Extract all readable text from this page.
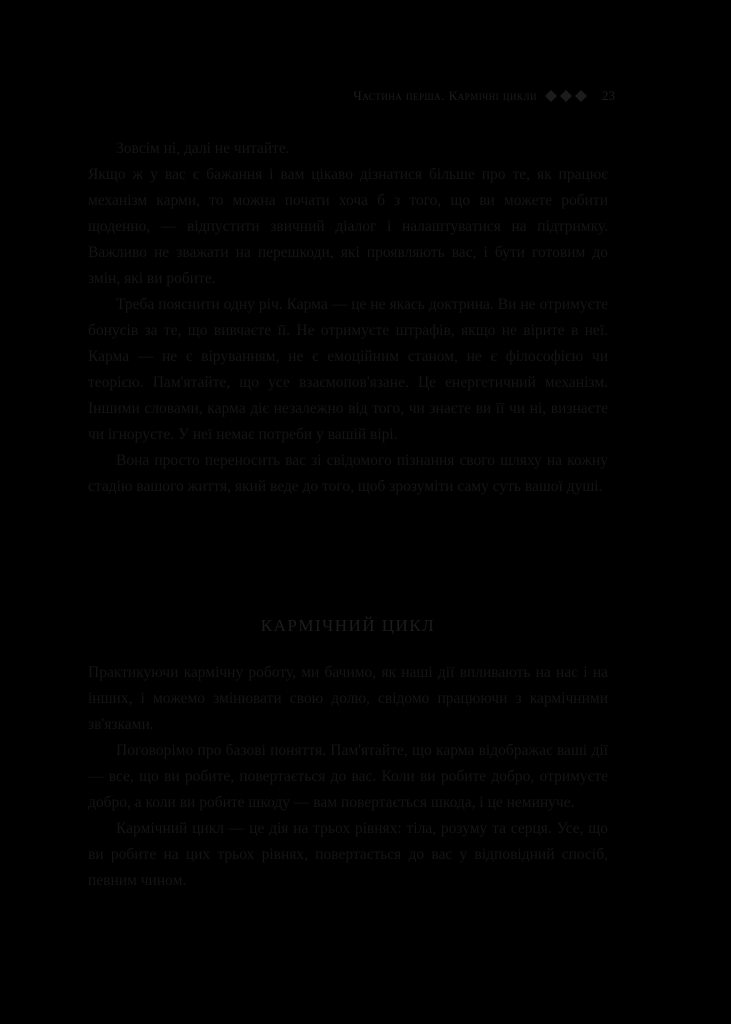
Частина перша. Кармічні цикли	23

Зовсім ні, далі не читайте.

Якщо ж у вас є бажання і вам цікаво дізнатися більше про те, як працює механізм карми, то можна почати хоча б з того, що ви можете робити щоденно, — відпустити звичний діалог і налаштуватися на підтримку. Важливо не зважати на перешкоди, які проявляють вас, і бути готовим до змін, які ви робите.

Треба пояснити одну річ. Карма — це не якась доктрина. Ви не отримуєте бонусів за те, що вивчаєте її. Не отримуєте штрафів, якщо не вірите в неї. Карма — не є віруванням, не є емоційним станом, не є філософією чи теорією. Пам'ятайте, що усе взаємопов'язане. Це енергетичний механізм. Іншими словами, карма діє незалежно від того, чи знаєте ви її чи ні, визнаєте чи ігноруєте. У неї немає потреби у вашій вірі.

Вона просто переносить вас зі свідомого пізнання свого шляху на кожну стадію вашого життя, який веде до того, щоб зрозуміти саму суть вашої душі.

КАРМІЧНИЙ ЦИКЛ

Практикуючи кармічну роботу, ми бачимо, як наші дії впливають на нас і на інших, і можемо змінювати свою долю, свідомо працюючи з кармічними зв'язками.

Поговорімо про базові поняття. Пам'ятайте, що карма відображає ваші дії — все, що ви робите, повертається до вас. Коли ви робите добро, отримуєте добро, а коли ви робите шкоду — вам повертається шкода, і це неминуче.

Кармічний цикл — це дія на трьох рівнях: тіла, розуму та серця. Усе, що ви робите на цих трьох рівнях, повертається до вас у відповідний спосіб, певним чином.
